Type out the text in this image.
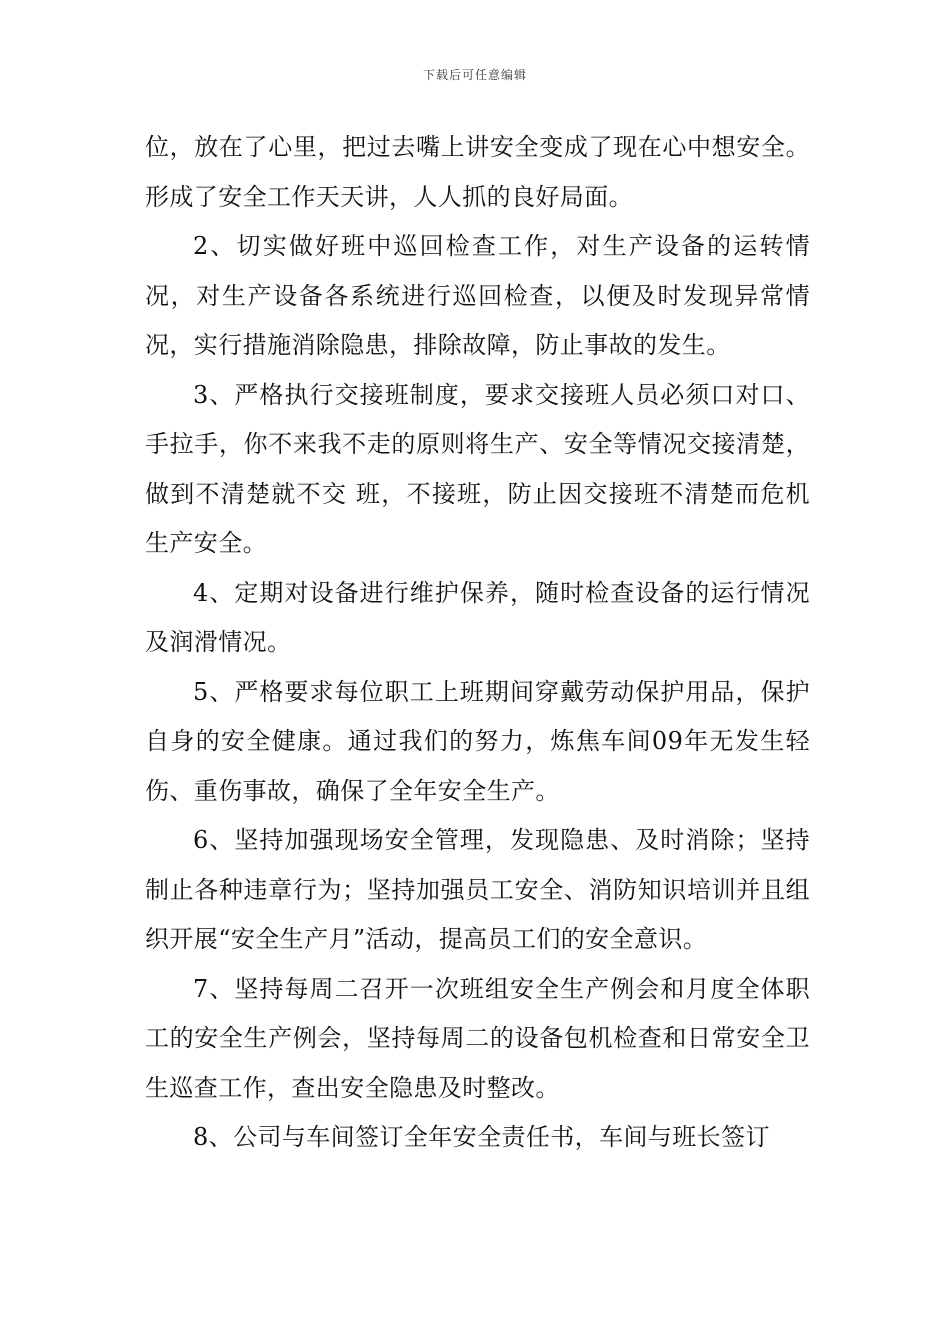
下载后可任意编辑

位，放在了心里，把过去嘴上讲安全变成了现在心中想安全。形成了安全工作天天讲，人人抓的良好局面。

2、切实做好班中巡回检查工作，对生产设备的运转情况，对生产设备各系统进行巡回检查，以便及时发现异常情况，实行措施消除隐患，排除故障，防止事故的发生。

3、严格执行交接班制度，要求交接班人员必须口对口、手拉手，你不来我不走的原则将生产、安全等情况交接清楚，做到不清楚就不交 班，不接班，防止因交接班不清楚而危机生产安全。

4、定期对设备进行维护保养，随时检查设备的运行情况及润滑情况。

5、严格要求每位职工上班期间穿戴劳动保护用品，保护自身的安全健康。通过我们的努力，炼焦车间09年无发生轻伤、重伤事故，确保了全年安全生产。

6、坚持加强现场安全管理，发现隐患、及时消除；坚持制止各种违章行为；坚持加强员工安全、消防知识培训并且组织开展“安全生产月”活动，提高员工们的安全意识。

7、坚持每周二召开一次班组安全生产例会和月度全体职工的安全生产例会，坚持每周二的设备包机检查和日常安全卫生巡查工作，查出安全隐患及时整改。

8、公司与车间签订全年安全责任书，车间与班长签订
